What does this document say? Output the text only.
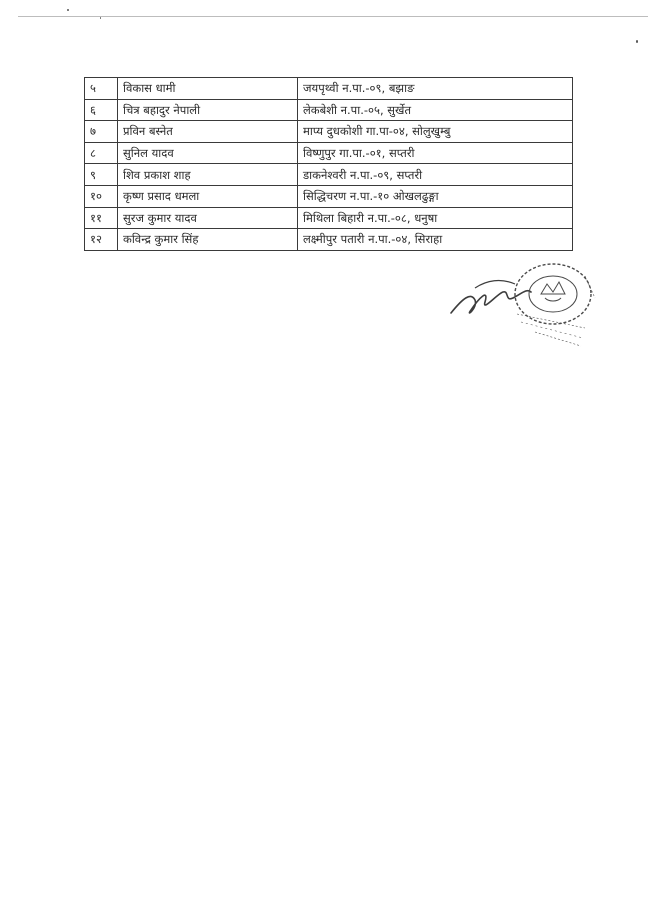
५	विकास धामी	जयपृथ्वी न.पा.-०९, बझाङ
६	चित्र बहादुर नेपाली	लेकबेशी न.पा.-०५, सुर्खेत
७	प्रविन बस्नेत	माप्य दुधकोशी गा.पा-०४, सोलुखुम्बु
८	सुनिल यादव	विष्णुपुर गा.पा.-०१, सप्तरी
९	शिव प्रकाश शाह	डाकनेश्वरी न.पा.-०९, सप्तरी
१०	कृष्ण प्रसाद धमला	सिद्धिचरण न.पा.-१० ओखलढुङ्गा
११	सुरज कुमार यादव	मिथिला बिहारी न.पा.-०८, धनुषा
१२	कविन्द्र कुमार सिंह	लक्ष्मीपुर पतारी न.पा.-०४, सिराहा
